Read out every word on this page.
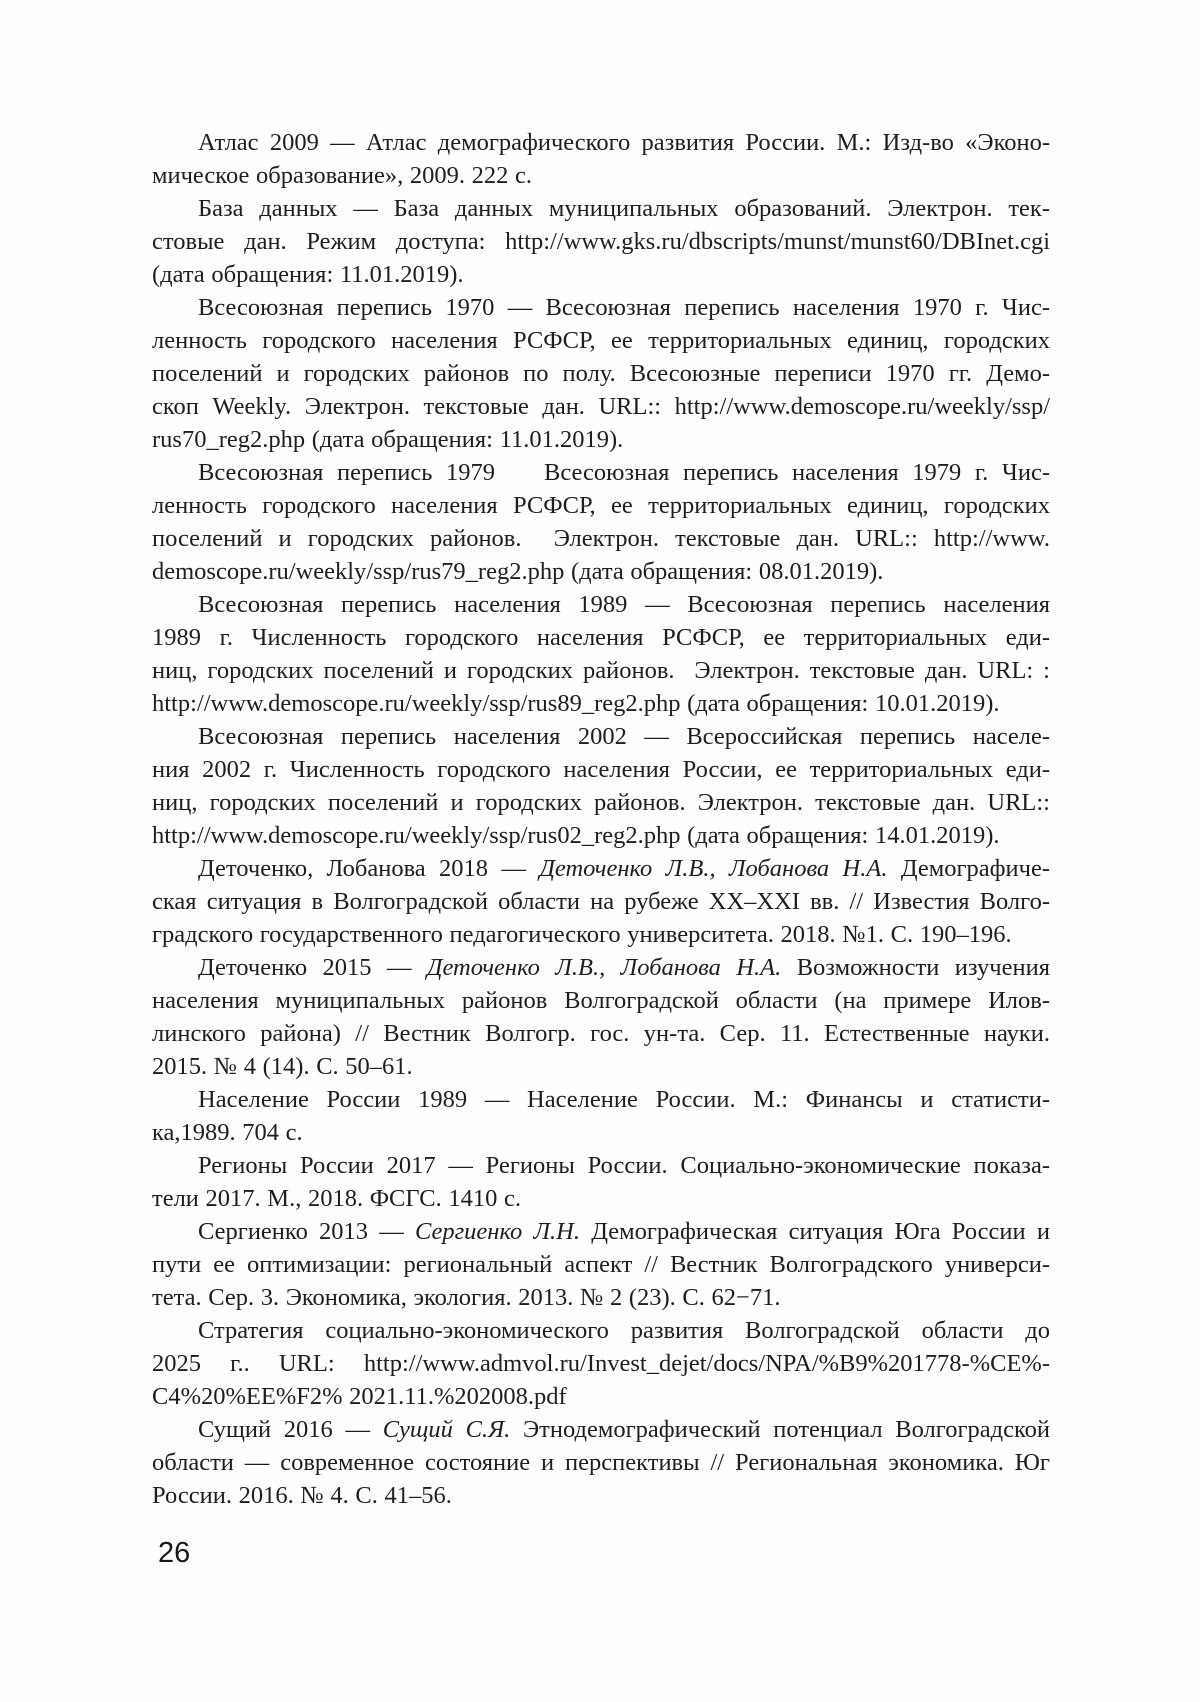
Атлас 2009 — Атлас демографического развития России. М.: Изд-во «Эконо-
мическое образование», 2009. 222 с.
База данных — База данных муниципальных образований. Электрон. тек-
стовые дан. Режим доступа: http://www.gks.ru/dbscripts/munst/munst60/DBInet.cgi
(дата обращения: 11.01.2019).
Всесоюзная перепись 1970 — Всесоюзная перепись населения 1970 г. Чис-
ленность городского населения РСФСР, ее территориальных единиц, городских
поселений и городских районов по полу. Всесоюзные переписи 1970 гг. Демо-
скоп Weekly. Электрон. текстовые дан. URL:: http://www.demoscope.ru/weekly/ssp/
rus70_reg2.php (дата обращения: 11.01.2019).
Всесоюзная перепись 1979  Всесоюзная перепись населения 1979 г. Чис-
ленность городского населения РСФСР, ее территориальных единиц, городских
поселений и городских районов.  Электрон. текстовые дан. URL:: http://www.
demoscope.ru/weekly/ssp/rus79_reg2.php (дата обращения: 08.01.2019).
Всесоюзная перепись населения 1989 — Всесоюзная перепись населения
1989 г. Численность городского населения РСФСР, ее территориальных еди-
ниц, городских поселений и городских районов.  Электрон. текстовые дан. URL: :
http://www.demoscope.ru/weekly/ssp/rus89_reg2.php (дата обращения: 10.01.2019).
Всесоюзная перепись населения 2002 — Всероссийская перепись населе-
ния 2002 г. Численность городского населения России, ее территориальных еди-
ниц, городских поселений и городских районов. Электрон. текстовые дан. URL::
http://www.demoscope.ru/weekly/ssp/rus02_reg2.php (дата обращения: 14.01.2019).
Деточенко, Лобанова 2018 — Деточенко Л.В., Лобанова Н.А. Демографиче-
ская ситуация в Волгоградской области на рубеже XX–XXI вв. // Известия Волго-
градского государственного педагогического университета. 2018. №1. С. 190–196.
Деточенко 2015 — Деточенко Л.В., Лобанова Н.А. Возможности изучения
населения муниципальных районов Волгоградской области (на примере Илов-
линского района) // Вестник Волгогр. гос. ун-та. Сер. 11. Естественные науки.
2015. № 4 (14). С. 50–61.
Население России 1989 — Население России. М.: Финансы и статисти-
ка,1989. 704 с.
Регионы России 2017 — Регионы России. Социально-экономические показа-
тели 2017. М., 2018. ФСГС. 1410 с.
Сергиенко 2013 — Сергиенко Л.Н. Демографическая ситуация Юга России и
пути ее оптимизации: региональный аспект // Вестник Волгоградского универси-
тета. Сер. 3. Экономика, экология. 2013. № 2 (23). С. 62−71.
Стратегия социально-экономического развития Волгоградской области до
2025 г.. URL: http://www.admvol.ru/Invest_dejet/docs/NPA/%B9%201778-%CE%-
C4%20%EE%F2% 2021.11.%202008.pdf
Сущий 2016 — Сущий С.Я. Этнодемографический потенциал Волгоградской
области — современное состояние и перспективы // Региональная экономика. Юг
России. 2016. № 4. С. 41–56.
26
